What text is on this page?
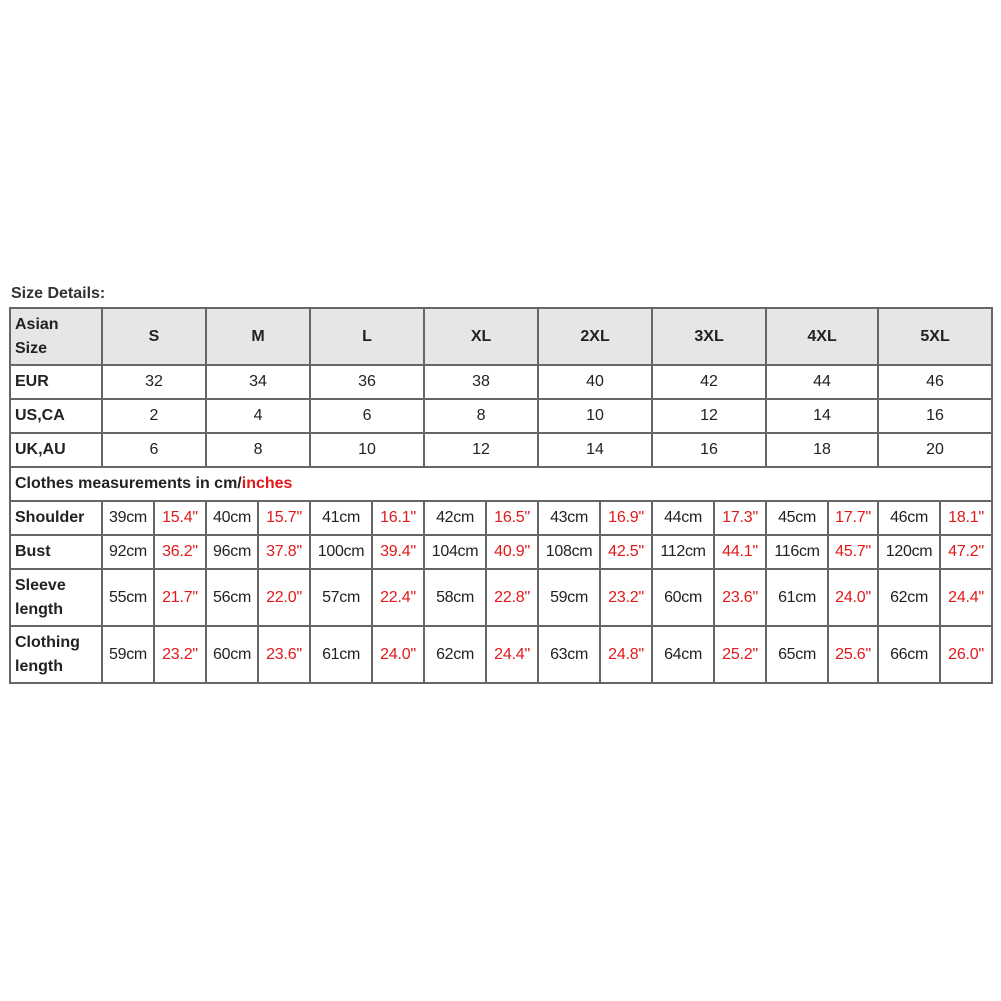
Size Details:
Asian
Size	S		M		L		XL		2XL		3XL		4XL		5XL	
EUR	32		34		36		38		40		42		44		46	
US,CA	2		4		6		8		10		12		14		16	
UK,AU	6		8		10		12		14		16		18		20	
Clothes measurements in cm/inches																
Shoulder	39cm	15.4"	40cm	15.7"	41cm	16.1"	42cm	16.5"	43cm	16.9"	44cm	17.3"	45cm	17.7"	46cm	18.1"
Bust	92cm	36.2"	96cm	37.8"	100cm	39.4"	104cm	40.9"	108cm	42.5"	112cm	44.1"	116cm	45.7"	120cm	47.2"
Sleeve
length	55cm	21.7"	56cm	22.0"	57cm	22.4"	58cm	22.8"	59cm	23.2"	60cm	23.6"	61cm	24.0"	62cm	24.4"
Clothing
length	59cm	23.2"	60cm	23.6"	61cm	24.0"	62cm	24.4"	63cm	24.8"	64cm	25.2"	65cm	25.6"	66cm	26.0"
